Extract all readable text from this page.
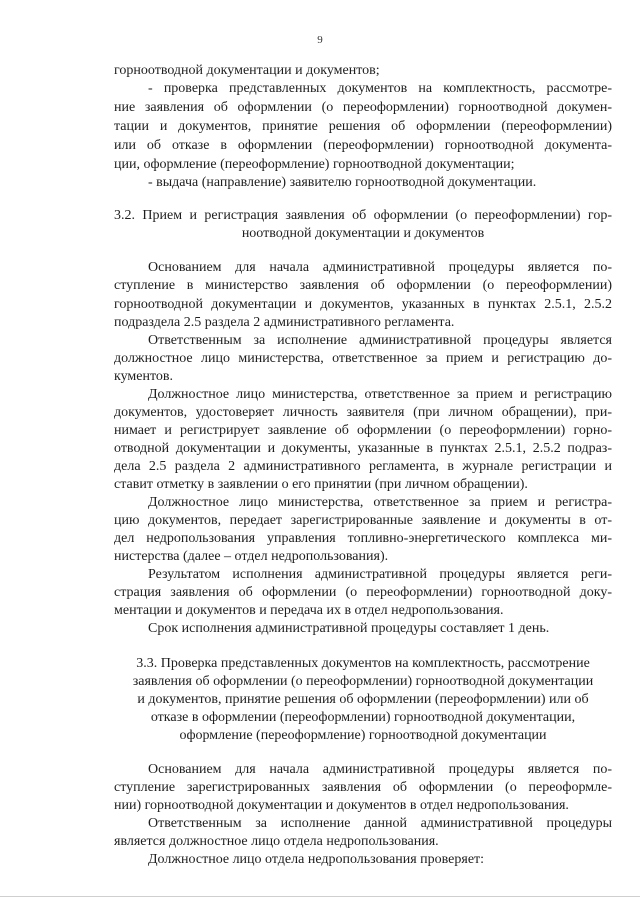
9
горноотводной документации и документов;
- проверка представленных документов на комплектность, рассмотре-
ние заявления об оформлении (о переоформлении) горноотводной докумен-
тации и документов, принятие решения об оформлении (переоформлении)
или об отказе в оформлении (переоформлении) горноотводной документа-
ции, оформление (переоформление) горноотводной документации;
- выдача (направление) заявителю горноотводной документации.
3.2. Прием и регистрация заявления об оформлении (о переоформлении) гор-
ноотводной документации и документов
Основанием для начала административной процедуры является по-
ступление в министерство заявления об оформлении (о переоформлении)
горноотводной документации и документов, указанных в пунктах 2.5.1, 2.5.2
подраздела 2.5 раздела 2 административного регламента.
Ответственным за исполнение административной процедуры является
должностное лицо министерства, ответственное за прием и регистрацию до-
кументов.
Должностное лицо министерства, ответственное за прием и регистрацию
документов, удостоверяет личность заявителя (при личном обращении), при-
нимает и регистрирует заявление об оформлении (о переоформлении) горно-
отводной документации и документы, указанные в пунктах 2.5.1, 2.5.2 подраз-
дела 2.5 раздела 2 административного регламента, в журнале регистрации и
ставит отметку в заявлении о его принятии (при личном обращении).
Должностное лицо министерства, ответственное за прием и регистра-
цию документов, передает зарегистрированные заявление и документы в от-
дел недропользования управления топливно-энергетического комплекса ми-
нистерства (далее – отдел недропользования).
Результатом исполнения административной процедуры является реги-
страция заявления об оформлении (о переоформлении) горноотводной доку-
ментации и документов и передача их в отдел недропользования.
Срок исполнения административной процедуры составляет 1 день.
3.3. Проверка представленных документов на комплектность, рассмотрение
заявления об оформлении (о переоформлении) горноотводной документации
и документов, принятие решения об оформлении (переоформлении) или об
отказе в оформлении (переоформлении) горноотводной документации,
оформление (переоформление) горноотводной документации
Основанием для начала административной процедуры является по-
ступление зарегистрированных заявления об оформлении (о переоформле-
нии) горноотводной документации и документов в отдел недропользования.
Ответственным за исполнение данной административной процедуры
является должностное лицо отдела недропользования.
Должностное лицо отдела недропользования проверяет:
